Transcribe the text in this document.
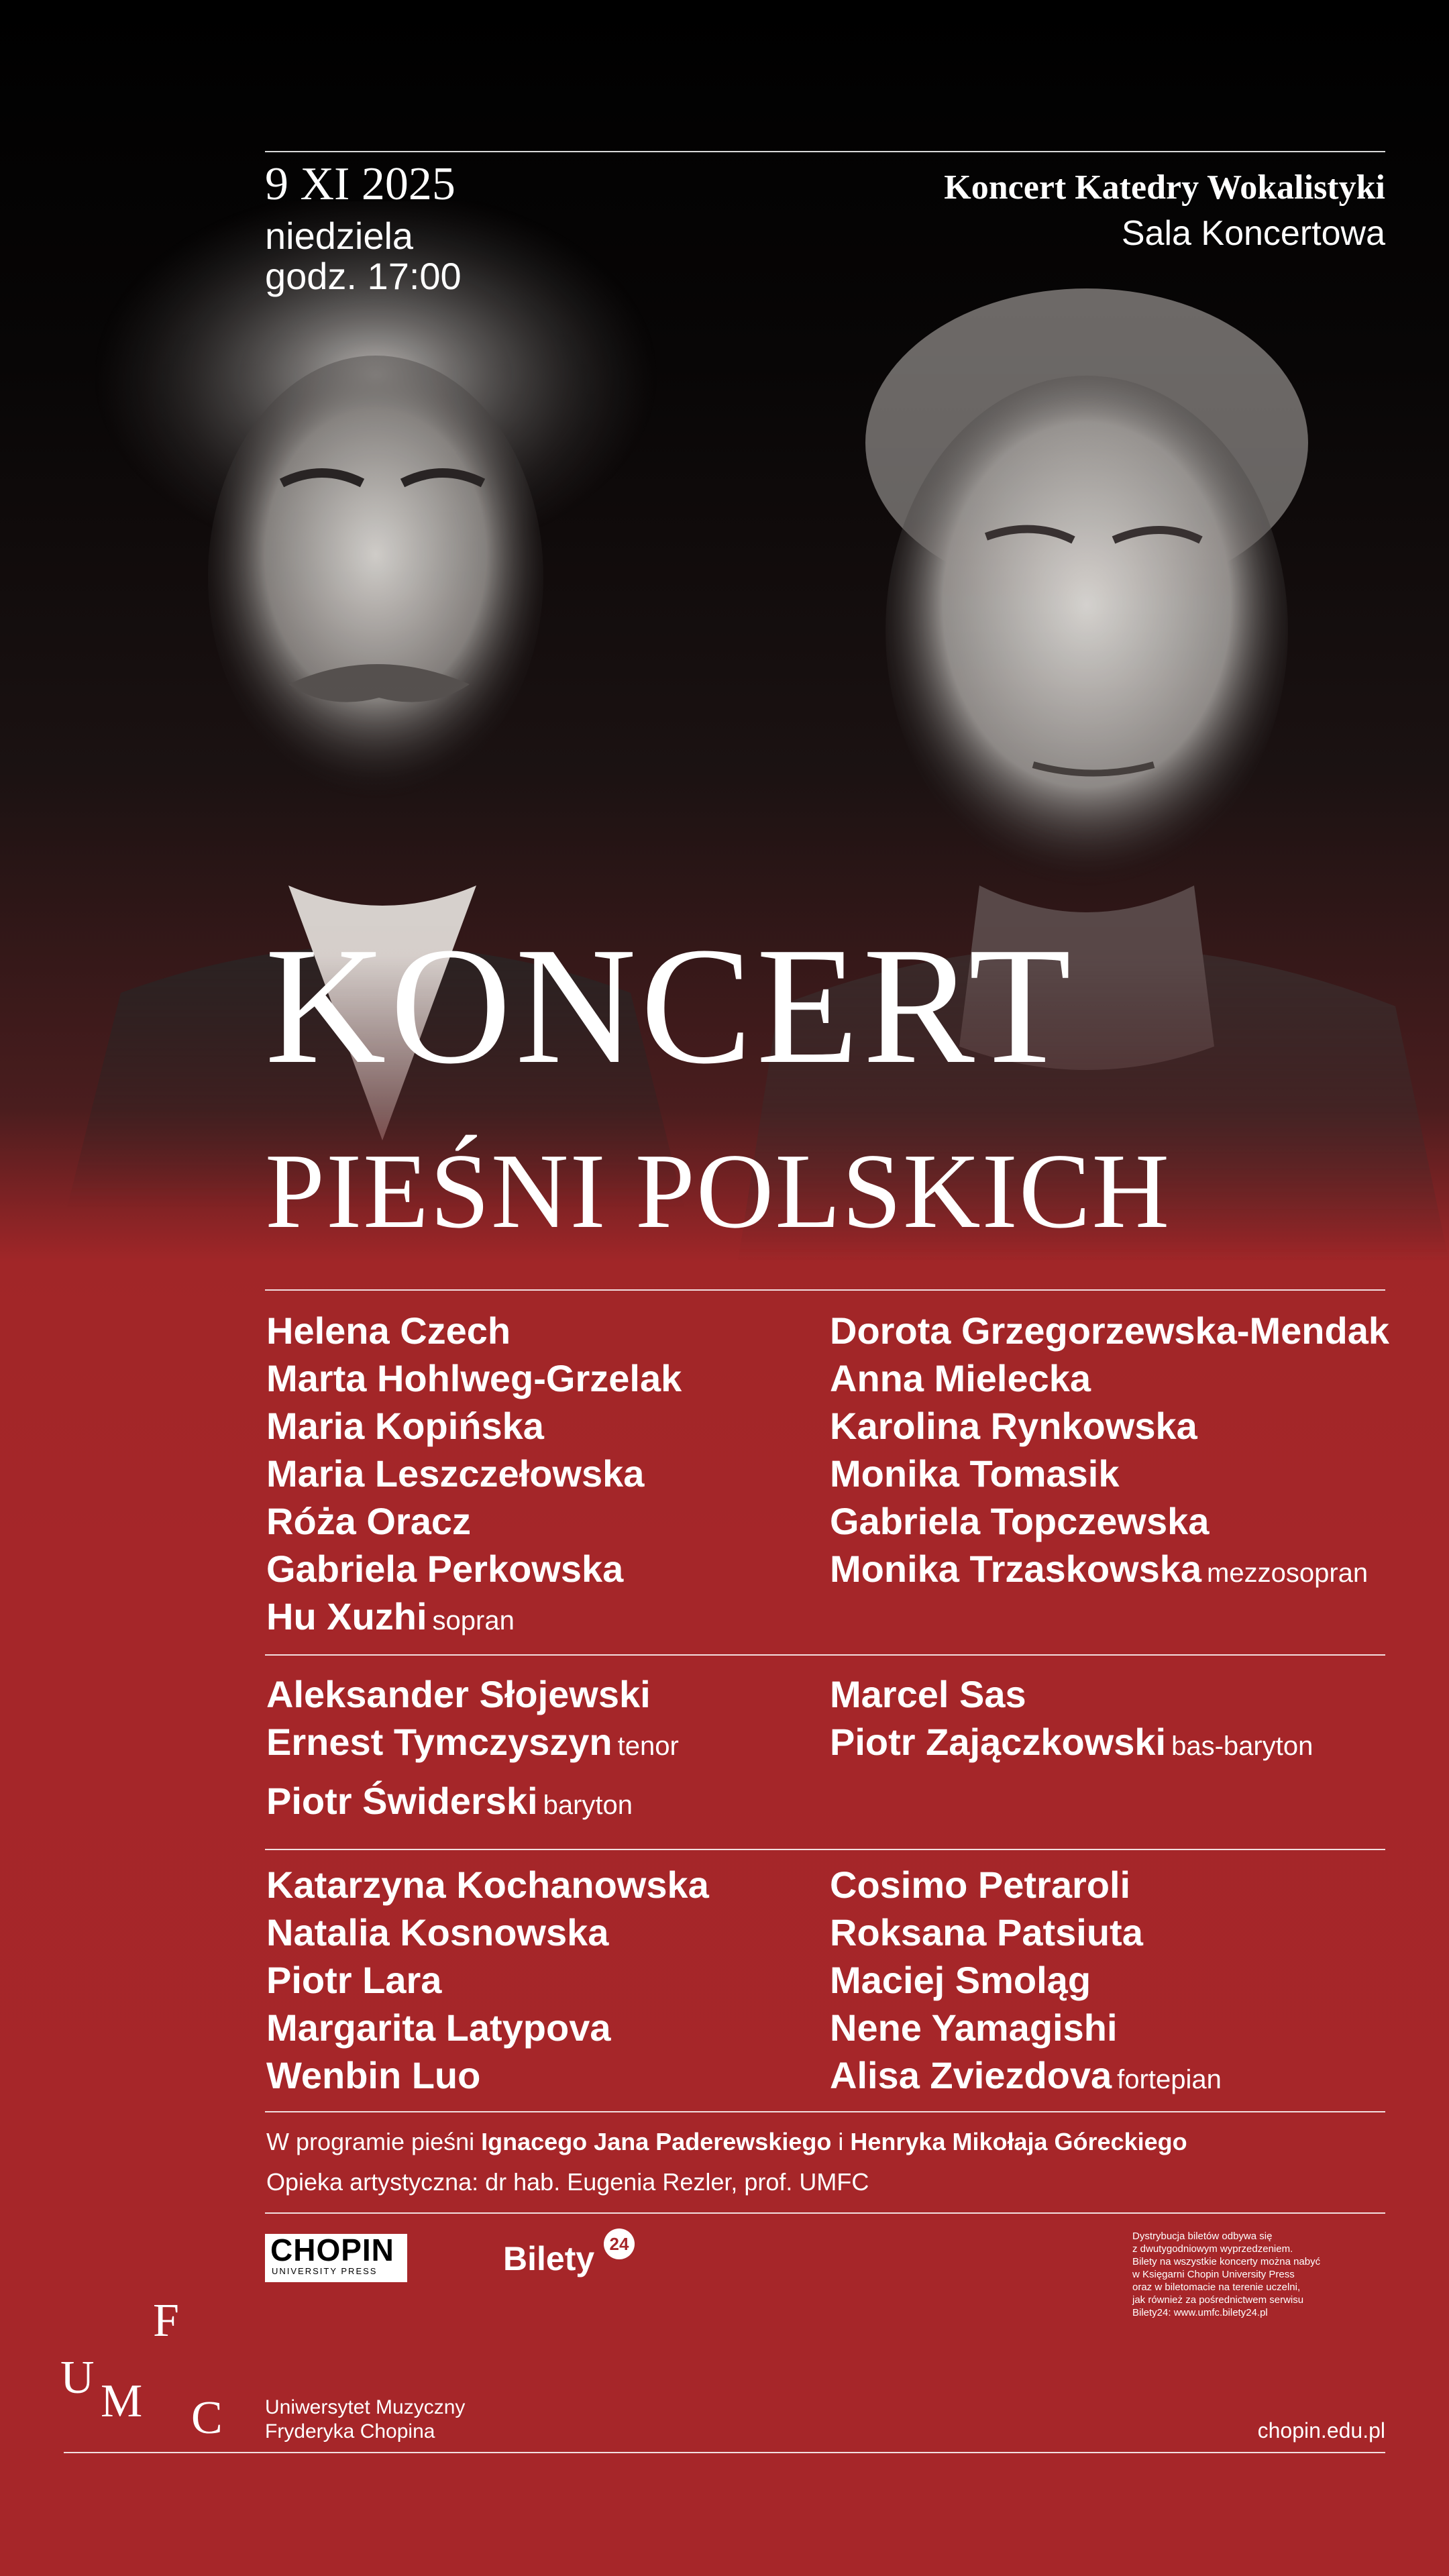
9 XI 2025
niedziela
godz. 17:00
Koncert Katedry Wokalistyki
Sala Koncertowa
KONCERT
PIEŚNI POLSKICH
Helena Czech
Marta Hohlweg-Grzelak
Maria Kopińska
Maria Leszczełowska
Róża Oracz
Gabriela Perkowska
Hu Xuzhi sopran
Dorota Grzegorzewska-Mendak
Anna Mielecka
Karolina Rynkowska
Monika Tomasik
Gabriela Topczewska
Monika Trzaskowska mezzosopran
Aleksander Słojewski
Ernest Tymczyszyn tenor
Piotr Świderski baryton
Marcel Sas
Piotr Zajączkowski bas-baryton
Katarzyna Kochanowska
Natalia Kosnowska
Piotr Lara
Margarita Latypova
Wenbin Luo
Cosimo Petraroli
Roksana Patsiuta
Maciej Smoląg
Nene Yamagishi
Alisa Zviezdova fortepian
W programie pieśni Ignacego Jana Paderewskiego i Henryka Mikołaja Góreckiego
Opieka artystyczna: dr hab. Eugenia Rezler, prof. UMFC
CHOPIN
UNIVERSITY PRESS	Bilety 24	Dystrybucja biletów odbywa się
z dwutygodniowym wyprzedzeniem.
Bilety na wszystkie koncerty można nabyć
w Księgarni Chopin University Press
oraz w biletomacie na terenie uczelni,
jak również za pośrednictwem serwisu
Bilety24: www.umfc.bilety24.pl
F
U M C Uniwersytet Muzyczny
Fryderyka Chopina	chopin.edu.pl
